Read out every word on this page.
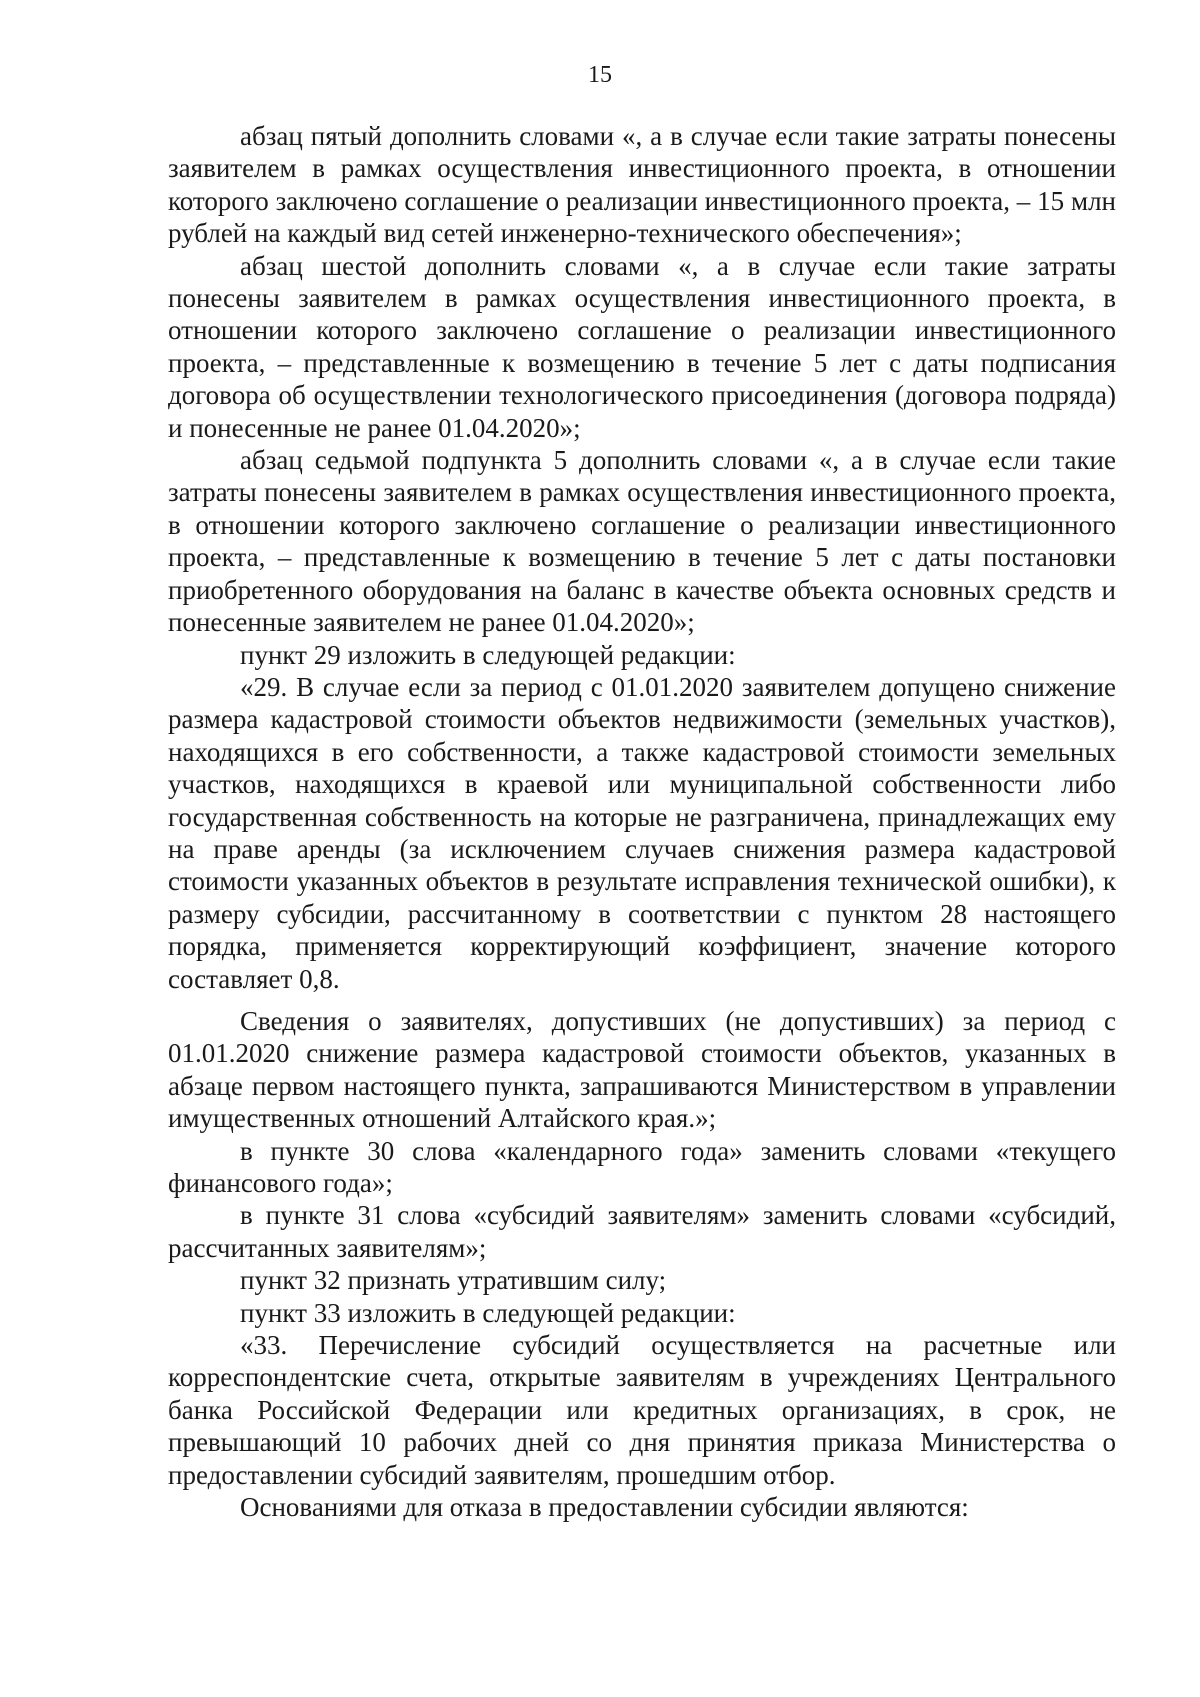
15

абзац пятый дополнить словами «, а в случае если такие затраты понесены заявителем в рамках осуществления инвестиционного проекта, в отношении которого заключено соглашение о реализации инвестиционного проекта, – 15 млн рублей на каждый вид сетей инженерно-технического обеспечения»;

абзац шестой дополнить словами «, а в случае если такие затраты понесены заявителем в рамках осуществления инвестиционного проекта, в отношении которого заключено соглашение о реализации инвестиционного проекта, – представленные к возмещению в течение 5 лет с даты подписания договора об осуществлении технологического присоединения (договора подряда) и понесенные не ранее 01.04.2020»;

абзац седьмой подпункта 5 дополнить словами «, а в случае если такие затраты понесены заявителем в рамках осуществления инвестиционного проекта, в отношении которого заключено соглашение о реализации инвестиционного проекта, – представленные к возмещению в течение 5 лет с даты постановки приобретенного оборудования на баланс в качестве объекта основных средств и понесенные заявителем не ранее 01.04.2020»;

пункт 29 изложить в следующей редакции:

«29. В случае если за период с 01.01.2020 заявителем допущено снижение размера кадастровой стоимости объектов недвижимости (земельных участков), находящихся в его собственности, а также кадастровой стоимости земельных участков, находящихся в краевой или муниципальной собственности либо государственная собственность на которые не разграничена, принадлежащих ему на праве аренды (за исключением случаев снижения размера кадастровой стоимости указанных объектов в результате исправления технической ошибки), к размеру субсидии, рассчитанному в соответствии с пунктом 28 настоящего порядка, применяется корректирующий коэффициент, значение которого составляет 0,8.

Сведения о заявителях, допустивших (не допустивших) за период с 01.01.2020 снижение размера кадастровой стоимости объектов, указанных в абзаце первом настоящего пункта, запрашиваются Министерством в управлении имущественных отношений Алтайского края.»;

в пункте 30 слова «календарного года» заменить словами «текущего финансового года»;

в пункте 31 слова «субсидий заявителям» заменить словами «субсидий, рассчитанных заявителям»;

пункт 32 признать утратившим силу;

пункт 33 изложить в следующей редакции:

«33. Перечисление субсидий осуществляется на расчетные или корреспондентские счета, открытые заявителям в учреждениях Центрального банка Российской Федерации или кредитных организациях, в срок, не превышающий 10 рабочих дней со дня принятия приказа Министерства о предоставлении субсидий заявителям, прошедшим отбор.

Основаниями для отказа в предоставлении субсидии являются:
